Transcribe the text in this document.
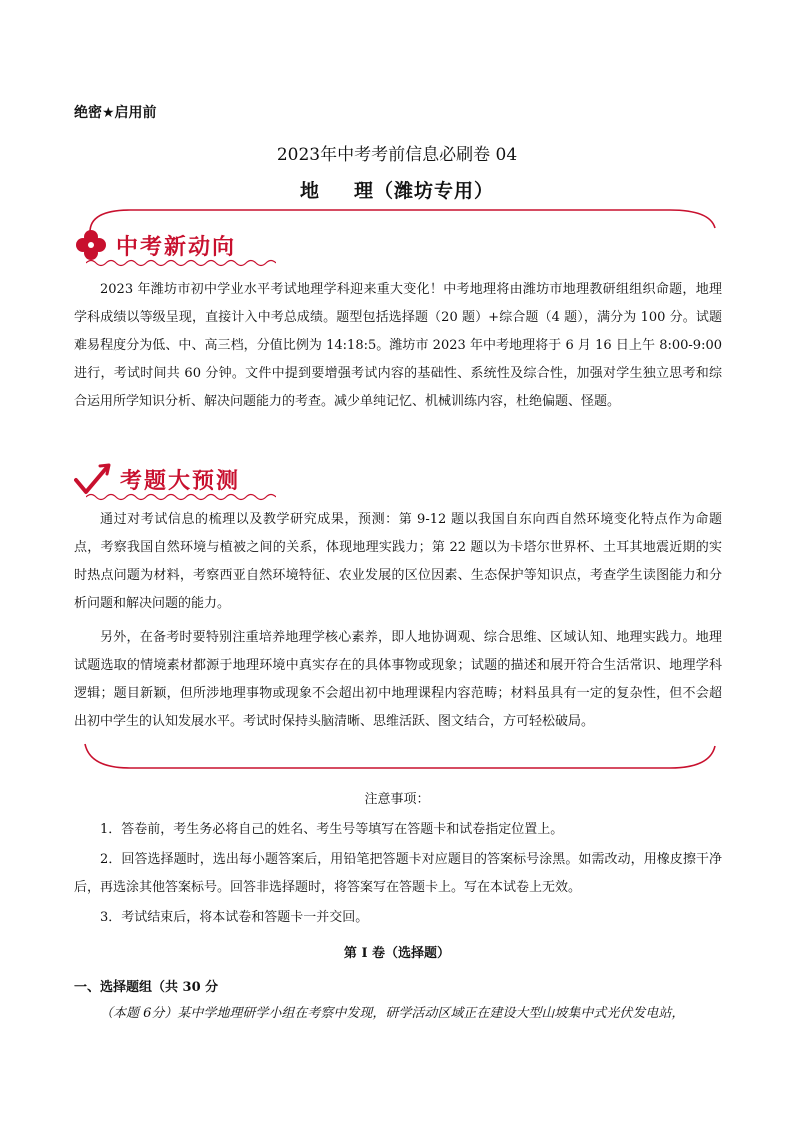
绝密★启用前
2023年中考考前信息必刷卷 04
地 理（潍坊专用）
中考新动向
2023 年潍坊市初中学业水平考试地理学科迎来重大变化！中考地理将由潍坊市地理教研组组织命题，地理学科成绩以等级呈现，直接计入中考总成绩。题型包括选择题（20 题）+综合题（4 题），满分为 100 分。试题难易程度分为低、中、高三档，分值比例为 14:18:5。潍坊市 2023 年中考地理将于 6 月 16 日上午 8:00-9:00 进行，考试时间共 60 分钟。文件中提到要增强考试内容的基础性、系统性及综合性，加强对学生独立思考和综合运用所学知识分析、解决问题能力的考查。减少单纯记忆、机械训练内容，杜绝偏题、怪题。
考题大预测
通过对考试信息的梳理以及教学研究成果，预测：第 9-12 题以我国自东向西自然环境变化特点作为命题点，考察我国自然环境与植被之间的关系，体现地理实践力；第 22 题以为卡塔尔世界杯、土耳其地震近期的实时热点问题为材料，考察西亚自然环境特征、农业发展的区位因素、生态保护等知识点，考查学生读图能力和分析问题和解决问题的能力。
另外，在备考时要特别注重培养地理学核心素养，即人地协调观、综合思维、区域认知、地理实践力。地理试题选取的情境素材都源于地理环境中真实存在的具体事物或现象；试题的描述和展开符合生活常识、地理学科逻辑；题目新颖，但所涉地理事物或现象不会超出初中地理课程内容范畴；材料虽具有一定的复杂性，但不会超出初中学生的认知发展水平。考试时保持头脑清晰、思维活跃、图文结合，方可轻松破局。
注意事项：
1．答卷前，考生务必将自己的姓名、考生号等填写在答题卡和试卷指定位置上。
2．回答选择题时，选出每小题答案后，用铅笔把答题卡对应题目的答案标号涂黑。如需改动，用橡皮擦干净后，再选涂其他答案标号。回答非选择题时，将答案写在答题卡上。写在本试卷上无效。
3．考试结束后，将本试卷和答题卡一并交回。
第 I 卷（选择题）
一、选择题组（共 30 分
（本题 6分）某中学地理研学小组在考察中发现，研学活动区域正在建设大型山坡集中式光伏发电站，
